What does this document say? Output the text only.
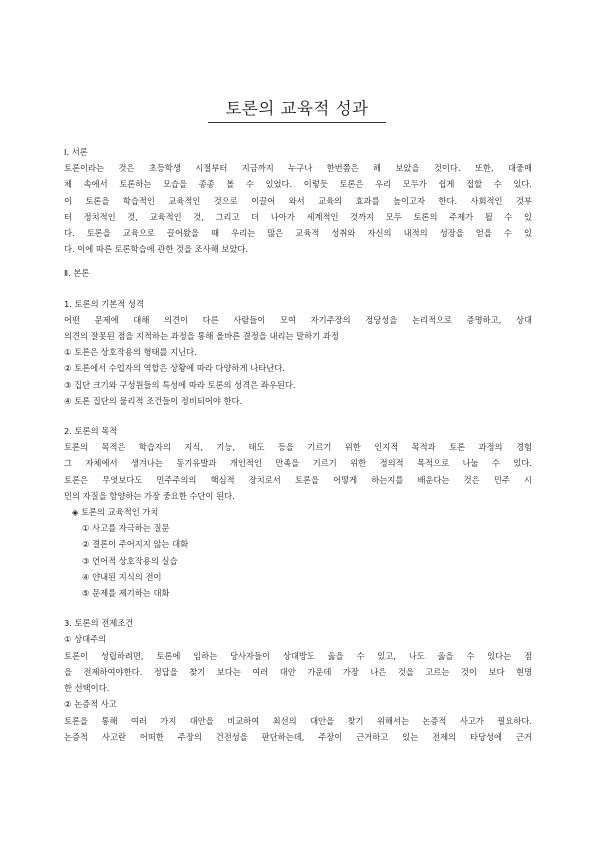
토론의 교육적 성과

Ⅰ. 서론

토론이라는 것은 초등학생 시절부터 지금까지 누구나 한번쯤은 해 보았을 것이다. 또한, 대중매

체 속에서 토론하는 모습을 종종 볼 수 있었다. 이렇듯 토론은 우리 모두가 쉽게 접할 수 있다.

이 토론을 학습적인 교육적인 것으로 이끌어 와서 교육의 효과를 높이고자 한다. 사회적인 것부

터 정치적인 것, 교육적인 것, 그리고 더 나아가 세계적인 것까지 모두 토론의 주제가 될 수 있

다. 토론을 교육으로 끌어왔을 때 우리는 많은 교육적 성취와 자신의 내적의 성장을 얻을 수 있

다. 이에 따른 토론학습에 관한 것을 조사해 보았다.

Ⅱ. 본론

1. 토론의 기본적 성격

어떤 문제에 대해 의견이 다른 사람들이 모여 자기주장의 정당성을 논리적으로 증명하고, 상대

의견의 잘못된 점을 지적하는 과정을 통해 올바른 결정을 내리는 말하기 과정

① 토론은 상호작용의 형태를 지닌다.

② 토론에서 수업자의 역할은 상황에 따라 다양하게 나타난다.

③ 집단 크기와 구성원들의 특성에 따라 토론의 성격은 좌우된다.

④ 토론 집단의 물리적 조건들이 정비되어야 한다.

2. 토론의 목적

토론의 목적은 학습자의 지식, 기능, 태도 등을 기르기 위한 인지적 목적과 토론 과정의 경험

그 자체에서 생겨나는 동기유발과 개인적인 만족을 기르기 위한 정의적 목적으로 나눌 수 있다.

토론은 무엇보다도 민주주의의 핵심적 장치로서 토론을 어떻게 하는지를 배운다는 것은 민주 시

민의 자질을 함양하는 가장 중요한 수단이 된다.

◈ 토론의 교육적인 가치

① 사고를 자극하는 질문

② 결론이 주어지지 않는 대화

③ 언어적 상호작용의 실습

④ 얀내된 지식의 전이

⑤ 문제를 제기하는 대화

3. 토론의 전제조건

① 상대주의

토론이 성립하려면, 토론에 임하는 당사자들이 상대방도 옳을 수 있고, 나도 옳을 수 있다는 점

을 전제하여야한다. 정답을 찾기 보다는 여러 대안 가운데 가장 나은 것을 고르는 것이 보다 현명

한 선택이다.

② 논증적 사고

토론을 통해 여러 가지 대안을 비교하여 최선의 대안을 찾기 위해서는 논증적 사고가 필요하다.

논증적 사고란 어떠한 주장의 건전성을 판단하는데, 주장이 근거하고 있는 전제의 타당성에 근거
